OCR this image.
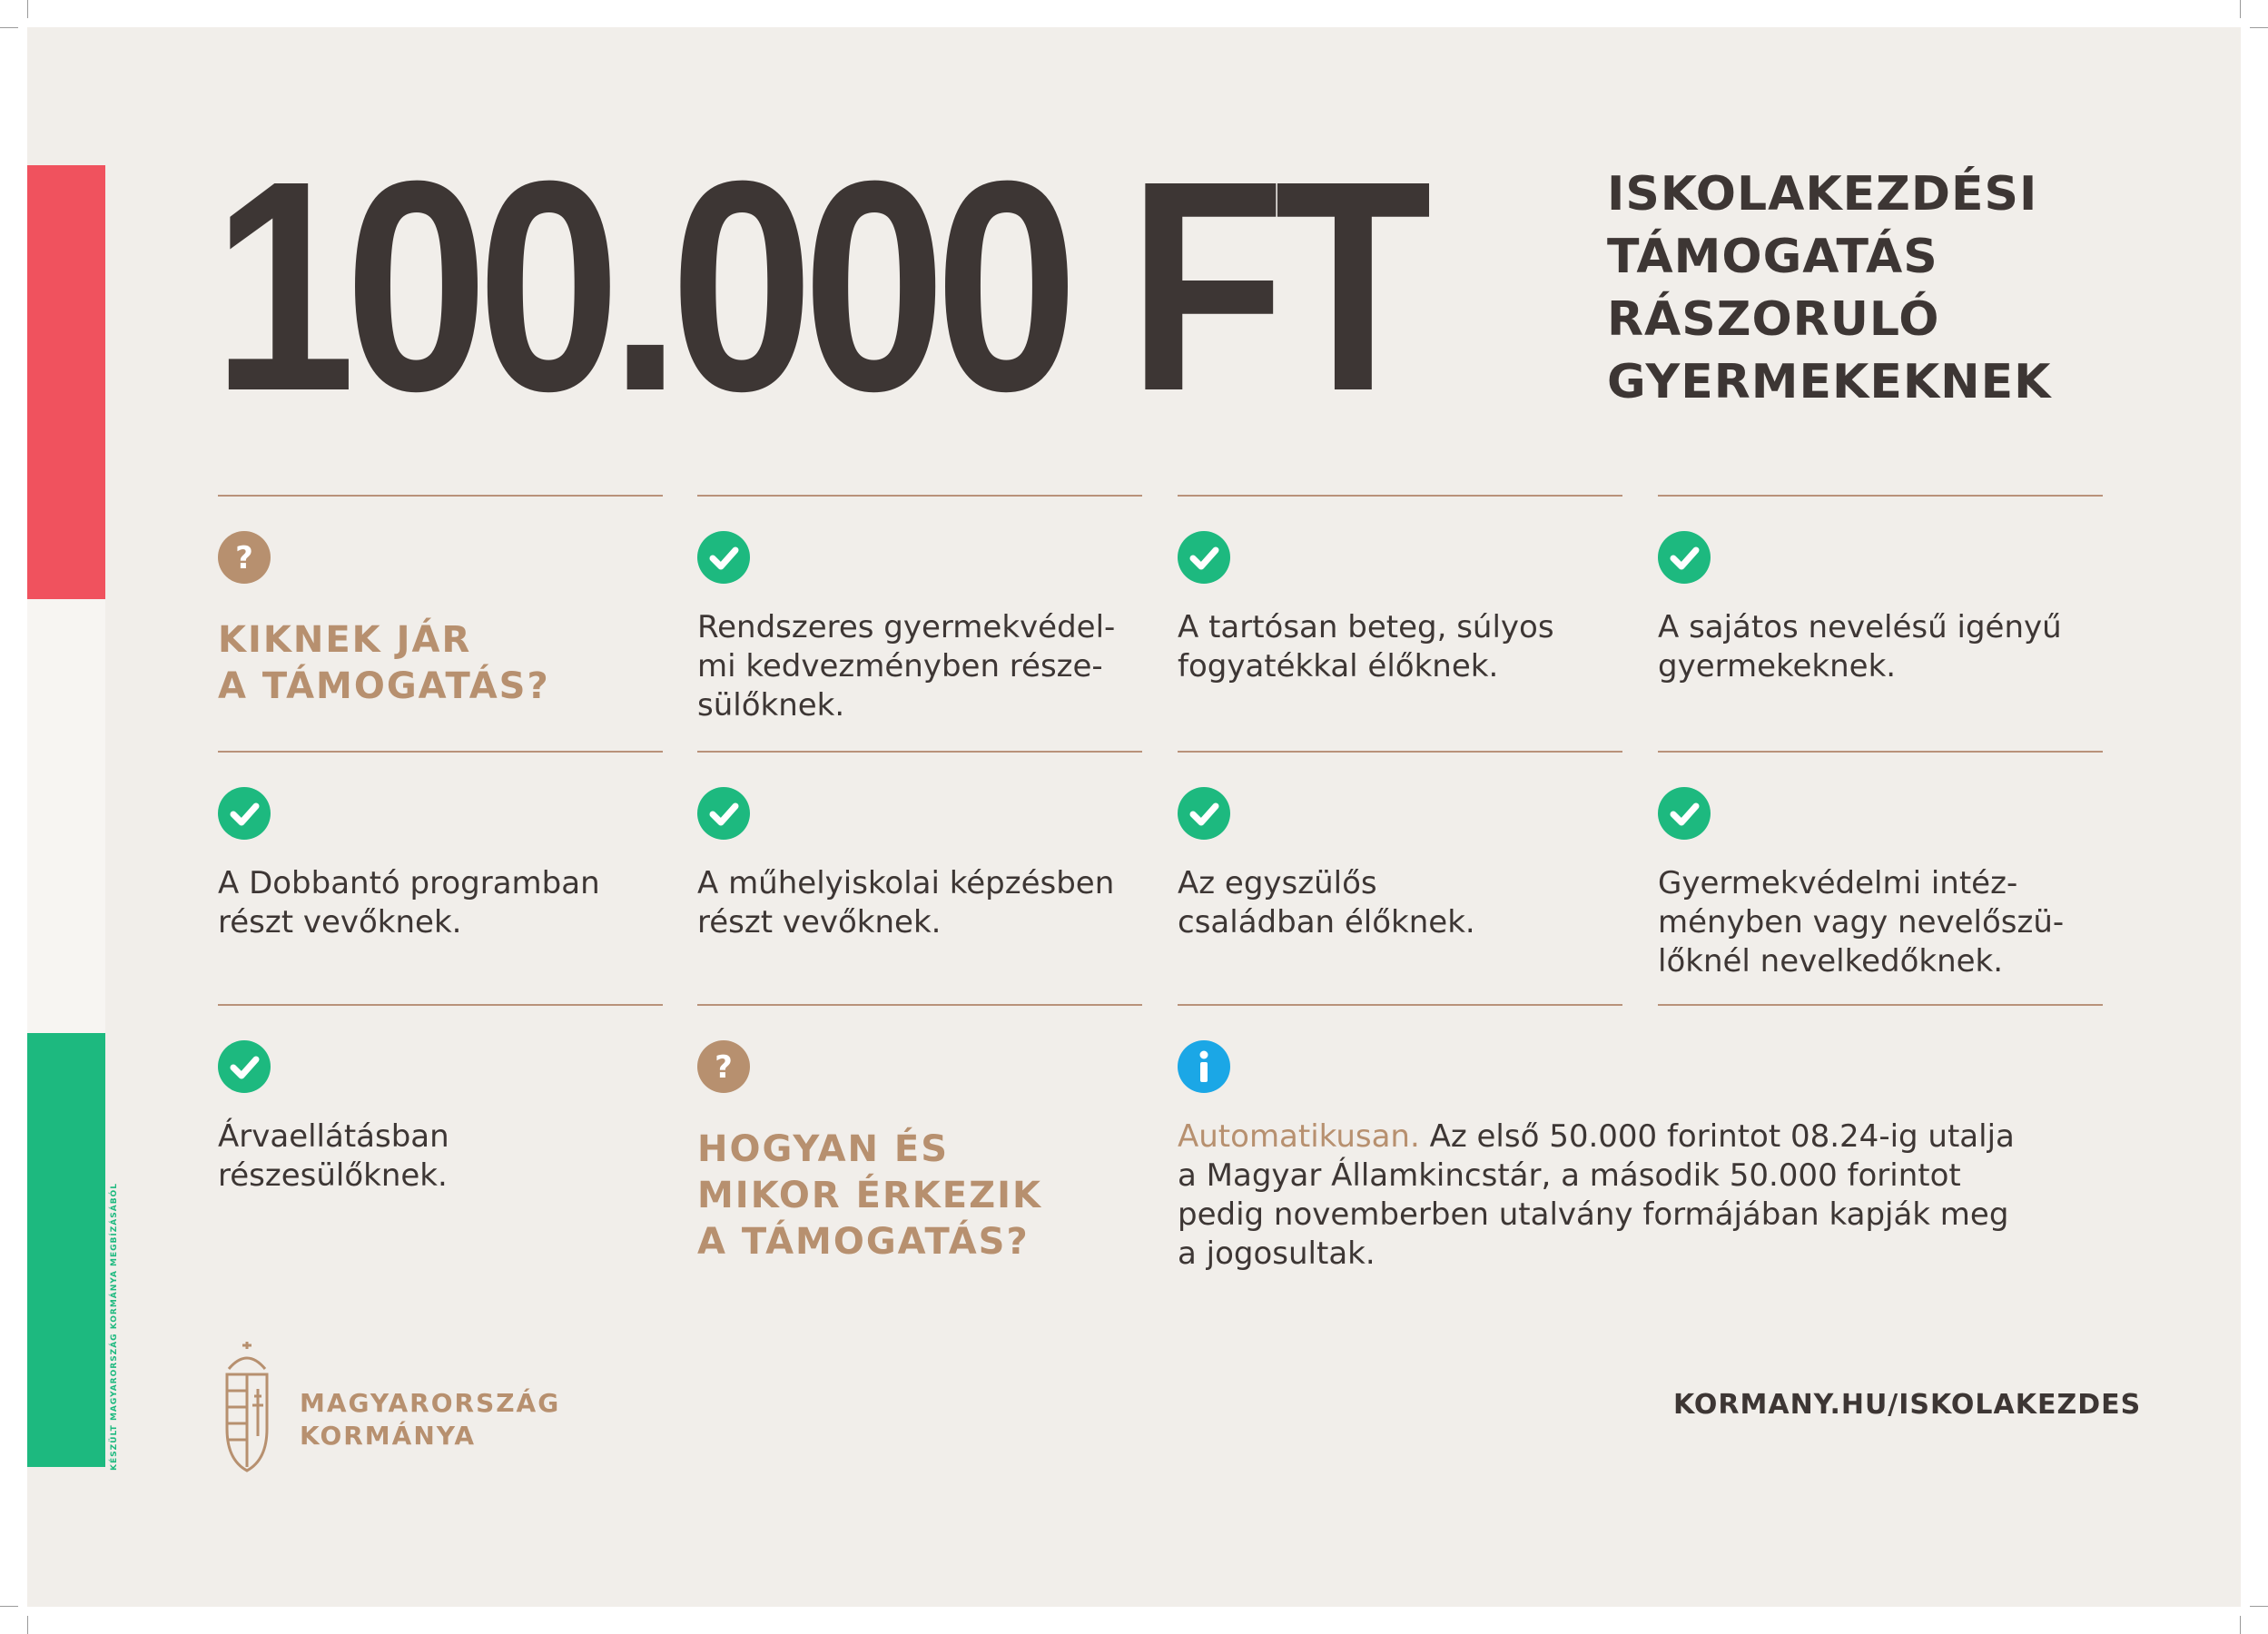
KÉSZÜLT MAGYARORSZÁG KORMÁNYA MEGBÍZÁSÁBÓL
100.000 FT	ISKOLAKEZDÉSI
TÁMOGATÁS
RÁSZORULÓ
GYERMEKEKNEK
?
KIKNEK JÁR
A TÁMOGATÁS?
Rendszeres gyermekvédel-
mi kedvezményben része-
sülőknek.
A tartósan beteg, súlyos
fogyatékkal élőknek.
A sajátos nevelésű igényű
gyermekeknek.
A Dobbantó programban
részt vevőknek.
A műhelyiskolai képzésben
részt vevőknek.
Az egyszülős
családban élőknek.
Gyermekvédelmi intéz-
ményben vagy nevelőszü-
lőknél nevelkedőknek.
Árvaellátásban
részesülőknek.
?
HOGYAN ÉS
MIKOR ÉRKEZIK
A TÁMOGATÁS?
Automatikusan. Az első 50.000 forintot 08.24-ig utalja
a Magyar Államkincstár, a második 50.000 forintot
pedig novemberben utalvány formájában kapják meg
a jogosultak.
MAGYARORSZÁG
KORMÁNYA
KORMANY.HU/ISKOLAKEZDES
